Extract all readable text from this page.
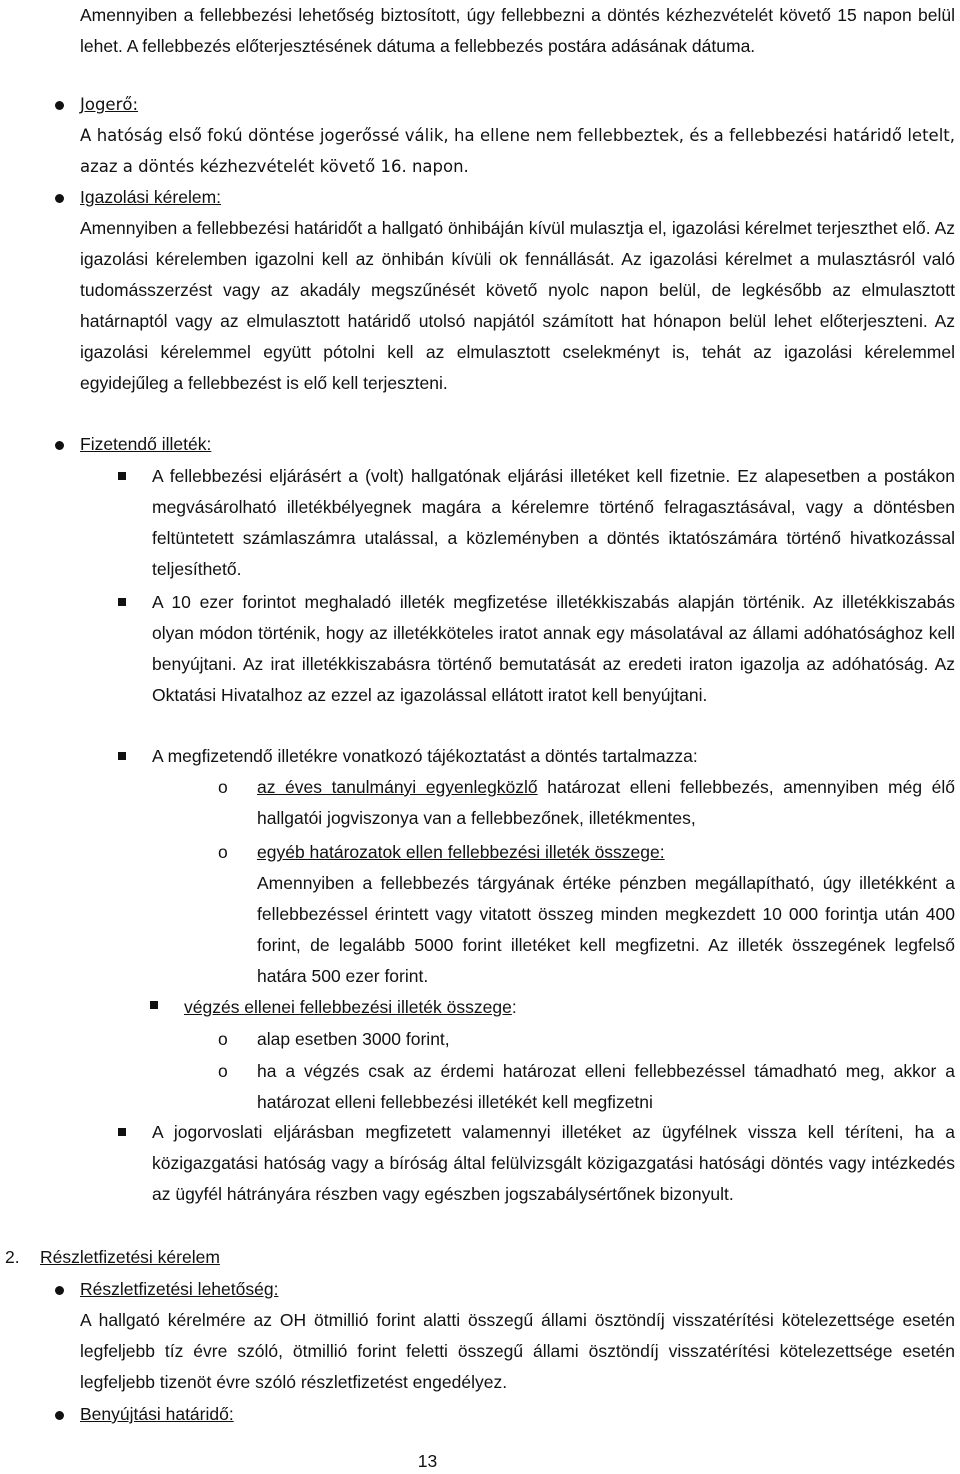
Amennyiben a fellebbezési lehetőség biztosított, úgy fellebbezni a döntés kézhezvételét követő 15 napon belül lehet. A fellebbezés előterjesztésének dátuma a fellebbezés postára adásának dátuma.

Jogerő:

A hatóság első fokú döntése jogerőssé válik, ha ellene nem fellebbeztek, és a fellebbezési határidő letelt, azaz a döntés kézhezvételét követő 16. napon.

Igazolási kérelem:

Amennyiben a fellebbezési határidőt a hallgató önhibáján kívül mulasztja el, igazolási kérelmet terjeszthet elő. Az igazolási kérelemben igazolni kell az önhibán kívüli ok fennállását. Az igazolási kérelmet a mulasztásról való tudomásszerzést vagy az akadály megszűnését követő nyolc napon belül, de legkésőbb az elmulasztott határnaptól vagy az elmulasztott határidő utolsó napjától számított hat hónapon belül lehet előterjeszteni. Az igazolási kérelemmel együtt pótolni kell az elmulasztott cselekményt is, tehát az igazolási kérelemmel egyidejűleg a fellebbezést is elő kell terjeszteni.

Fizetendő illeték:

A fellebbezési eljárásért a (volt) hallgatónak eljárási illetéket kell fizetnie. Ez alapesetben a postákon megvásárolható illetékbélyegnek magára a kérelemre történő felragasztásával, vagy a döntésben feltüntetett számlaszámra utalással, a közleményben a döntés iktatószámára történő hivatkozással teljesíthető.

A 10 ezer forintot meghaladó illeték megfizetése illetékkiszabás alapján történik. Az illetékkiszabás olyan módon történik, hogy az illetékköteles iratot annak egy másolatával az állami adóhatósághoz kell benyújtani. Az irat illetékkiszabásra történő bemutatását az eredeti iraton igazolja az adóhatóság. Az Oktatási Hivatalhoz az ezzel az igazolással ellátott iratot kell benyújtani.

A megfizetendő illetékre vonatkozó tájékoztatást a döntés tartalmazza:

o az éves tanulmányi egyenlegközlő határozat elleni fellebbezés, amennyiben még élő hallgatói jogviszonya van a fellebbezőnek, illetékmentes,

o egyéb határozatok ellen fellebbezési illeték összege:

Amennyiben a fellebbezés tárgyának értéke pénzben megállapítható, úgy illetékként a fellebbezéssel érintett vagy vitatott összeg minden megkezdett 10 000 forintja után 400 forint, de legalább 5000 forint illetéket kell megfizetni. Az illeték összegének legfelső határa 500 ezer forint.

végzés ellenei fellebbezési illeték összege:

o alap esetben 3000 forint,

o ha a végzés csak az érdemi határozat elleni fellebbezéssel támadható meg, akkor a határozat elleni fellebbezési illetékét kell megfizetni

A jogorvoslati eljárásban megfizetett valamennyi illetéket az ügyfélnek vissza kell téríteni, ha a közigazgatási hatóság vagy a bíróság által felülvizsgált közigazgatási hatósági döntés vagy intézkedés az ügyfél hátrányára részben vagy egészben jogszabálysértőnek bizonyult.

2. Részletfizetési kérelem

Részletfizetési lehetőség:

A hallgató kérelmére az OH ötmillió forint alatti összegű állami ösztöndíj visszatérítési kötelezettsége esetén legfeljebb tíz évre szóló, ötmillió forint feletti összegű állami ösztöndíj visszatérítési kötelezettsége esetén legfeljebb tizenöt évre szóló részletfizetést engedélyez.

Benyújtási határidő:

13
